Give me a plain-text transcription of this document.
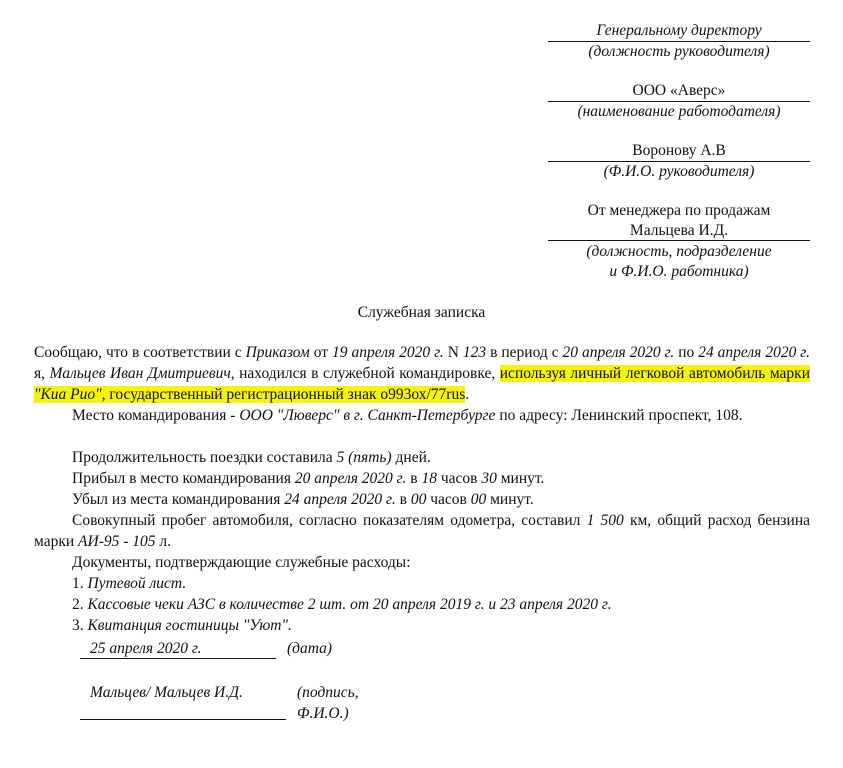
Генеральному директору
(должность руководителя)
ООО «Аверс»
(наименование работодателя)
Воронову А.В
(Ф.И.О. руководителя)
От менеджера по продажам
Мальцева И.Д.
(должность, подразделение
и Ф.И.О. работника)
Служебная записка
Сообщаю, что в соответствии с Приказом от 19 апреля 2020 г. N 123 в период с 20 апреля 2020 г. по 24 апреля 2020 г. я, Мальцев Иван Дмитриевич, находился в служебной командировке, используя личный легковой автомобиль марки "Киа Рио", государственный регистрационный знак о993ох/77rus.
Место командирования - ООО "Люверс" в г. Санкт-Петербурге по адресу: Ленинский проспект, 108.
Продолжительность поездки составила 5 (пять) дней.
Прибыл в место командирования 20 апреля 2020 г. в 18 часов 30 минут.
Убыл из места командирования 24 апреля 2020 г. в 00 часов 00 минут.
Совокупный пробег автомобиля, согласно показателям одометра, составил 1 500 км, общий расход бензина марки АИ-95 - 105 л.
Документы, подтверждающие служебные расходы:
1. Путевой лист.
2. Кассовые чеки АЗС в количестве 2 шт. от 20 апреля 2019 г. и 23 апреля 2020 г.
3. Квитанция гостиницы "Уют".
25 апреля 2020 г.	(дата)
Мальцев/ Мальцев И.Д.	(подпись,
Ф.И.О.)
